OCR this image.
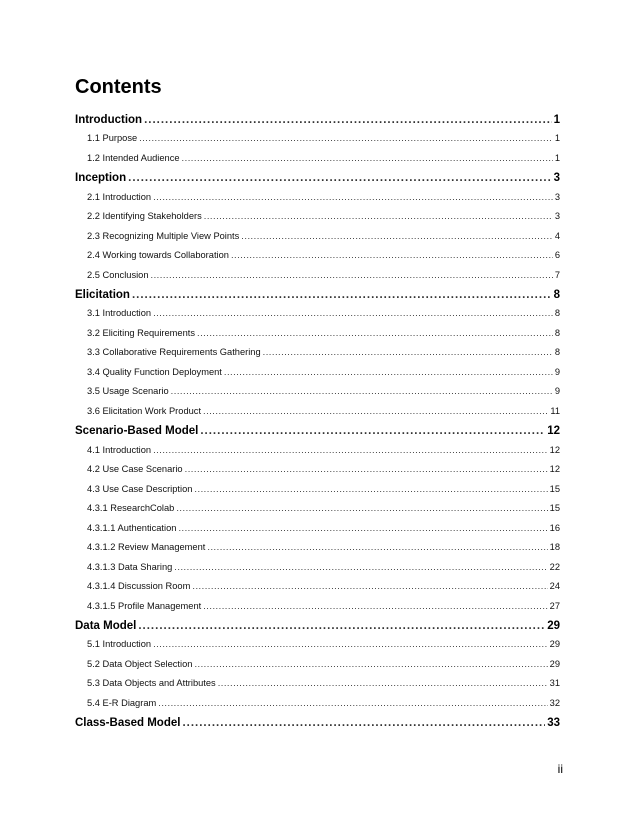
Contents
Introduction .....	1
1.1 Purpose .....	1
1.2 Intended Audience .....	1
Inception .....	3
2.1 Introduction .....	3
2.2 Identifying Stakeholders .....	3
2.3 Recognizing Multiple View Points .....	4
2.4 Working towards Collaboration .....	6
2.5 Conclusion .....	7
Elicitation .....	8
3.1 Introduction .....	8
3.2 Eliciting Requirements .....	8
3.3 Collaborative Requirements Gathering .....	8
3.4 Quality Function Deployment .....	9
3.5 Usage Scenario .....	9
3.6 Elicitation Work Product .....	11
Scenario-Based Model .....	12
4.1 Introduction .....	12
4.2 Use Case Scenario .....	12
4.3 Use Case Description .....	15
4.3.1 ResearchColab .....	15
4.3.1.1 Authentication .....	16
4.3.1.2 Review Management .....	18
4.3.1.3 Data Sharing .....	22
4.3.1.4 Discussion Room .....	24
4.3.1.5 Profile Management .....	27
Data Model .....	29
5.1 Introduction .....	29
5.2 Data Object Selection .....	29
5.3 Data Objects and Attributes .....	31
5.4 E-R Diagram .....	32
Class-Based Model .....	33
ii
